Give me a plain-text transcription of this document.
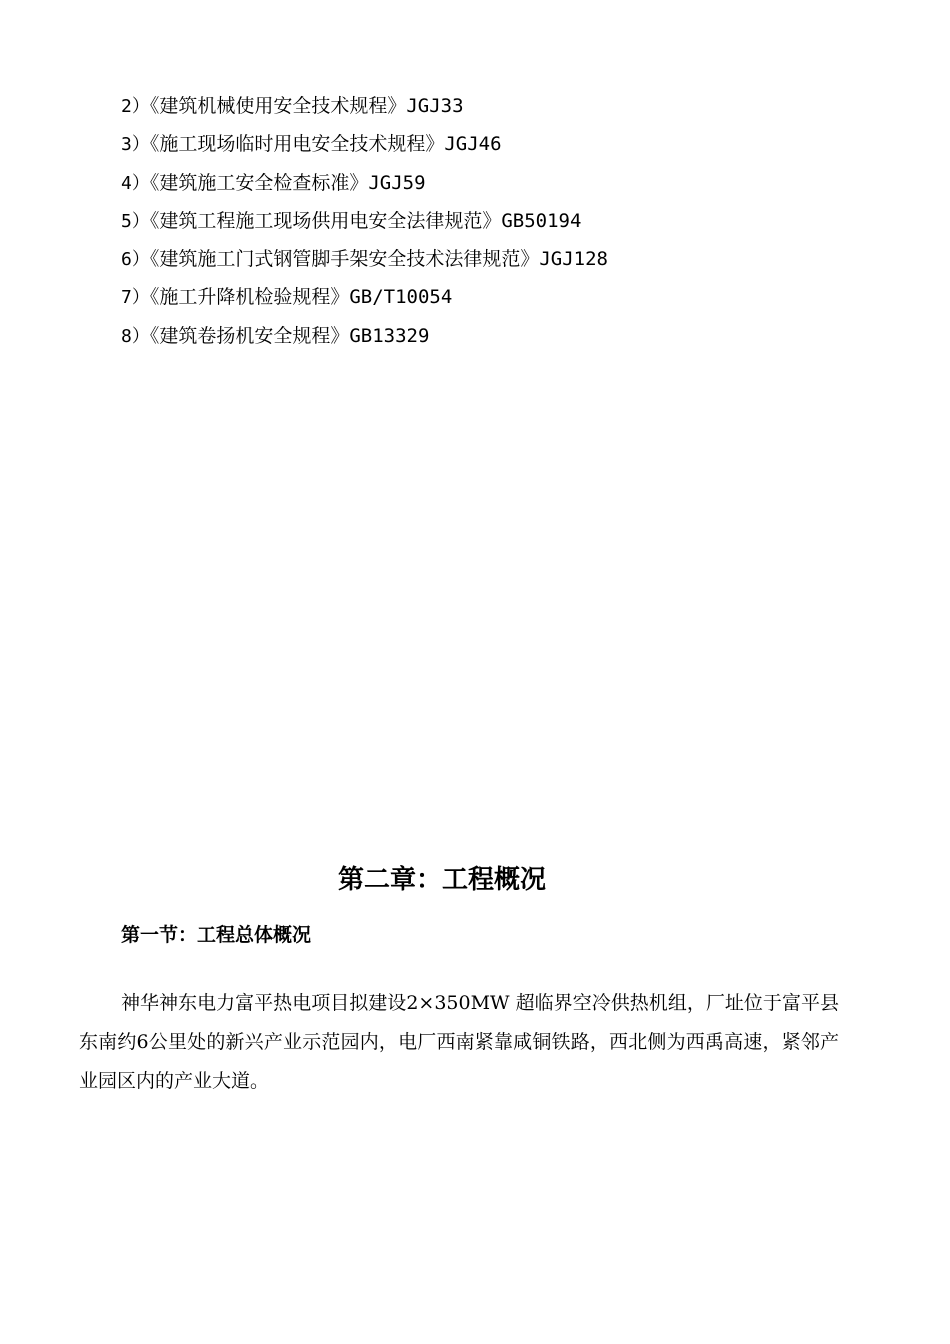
2）《建筑机械使用安全技术规程》JGJ33
3）《施工现场临时用电安全技术规程》JGJ46
4）《建筑施工安全检查标准》JGJ59
5）《建筑工程施工现场供用电安全法律规范》GB50194
6）《建筑施工门式钢管脚手架安全技术法律规范》JGJ128
7）《施工升降机检验规程》GB/T10054
8）《建筑卷扬机安全规程》GB13329
第二章：工程概况
第一节：工程总体概况

神华神东电力富平热电项目拟建设2×350MW 超临界空冷供热机组，厂址位于富平县东南约6公里处的新兴产业示范园内，电厂西南紧靠咸铜铁路，西北侧为西禹高速，紧邻产业园区内的产业大道。
